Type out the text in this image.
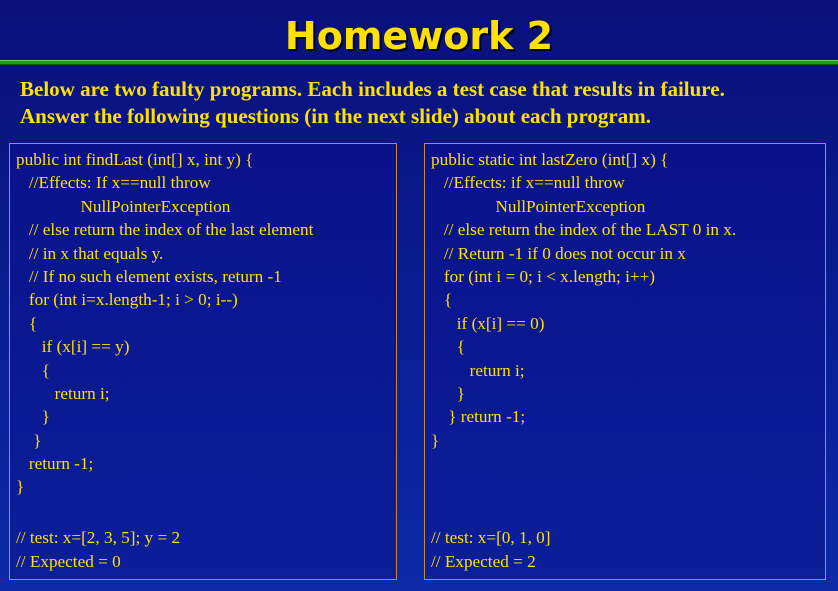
Homework 2
Below are two faulty programs. Each includes a test case that results in failure.
Answer the following questions (in the next slide) about each program.
public int findLast (int[] x, int y) {
//Effects: If x==null throw
NullPointerException
// else return the index of the last element
// in x that equals y.
// If no such element exists, return -1
for (int i=x.length-1; i > 0; i--)
{
if (x[i] == y)
{
return i;
}
}
return -1;
}
// test: x=[2, 3, 5]; y = 2
// Expected = 0
public static int lastZero (int[] x) {
//Effects: if x==null throw
NullPointerException
// else return the index of the LAST 0 in x.
// Return -1 if 0 does not occur in x
for (int i = 0; i < x.length; i++)
{
if (x[i] == 0)
{
return i;
}
} return -1;
}
// test: x=[0, 1, 0]
// Expected = 2
